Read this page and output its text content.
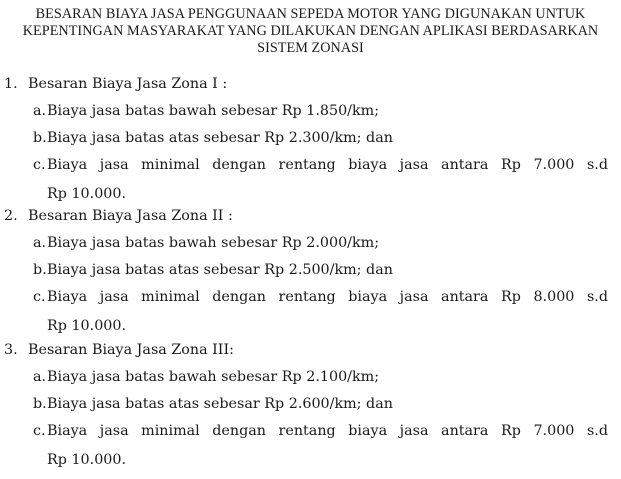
BESARAN BIAYA JASA PENGGUNAAN SEPEDA MOTOR YANG DIGUNAKAN UNTUK
KEPENTINGAN MASYARAKAT YANG DILAKUKAN DENGAN APLIKASI BERDASARKAN
SISTEM ZONASI
1. Besaran Biaya Jasa Zona I :
a. Biaya jasa batas bawah sebesar Rp 1.850/km;
b. Biaya jasa batas atas sebesar Rp 2.300/km; dan
c. Biaya jasa minimal dengan rentang biaya jasa antara Rp 7.000 s.d
Rp 10.000.
2. Besaran Biaya Jasa Zona II :
a. Biaya jasa batas bawah sebesar Rp 2.000/km;
b. Biaya jasa batas atas sebesar Rp 2.500/km; dan
c. Biaya jasa minimal dengan rentang biaya jasa antara Rp 8.000 s.d
Rp 10.000.
3. Besaran Biaya Jasa Zona III:
a. Biaya jasa batas bawah sebesar Rp 2.100/km;
b. Biaya jasa batas atas sebesar Rp 2.600/km; dan
c. Biaya jasa minimal dengan rentang biaya jasa antara Rp 7.000 s.d
Rp 10.000.
